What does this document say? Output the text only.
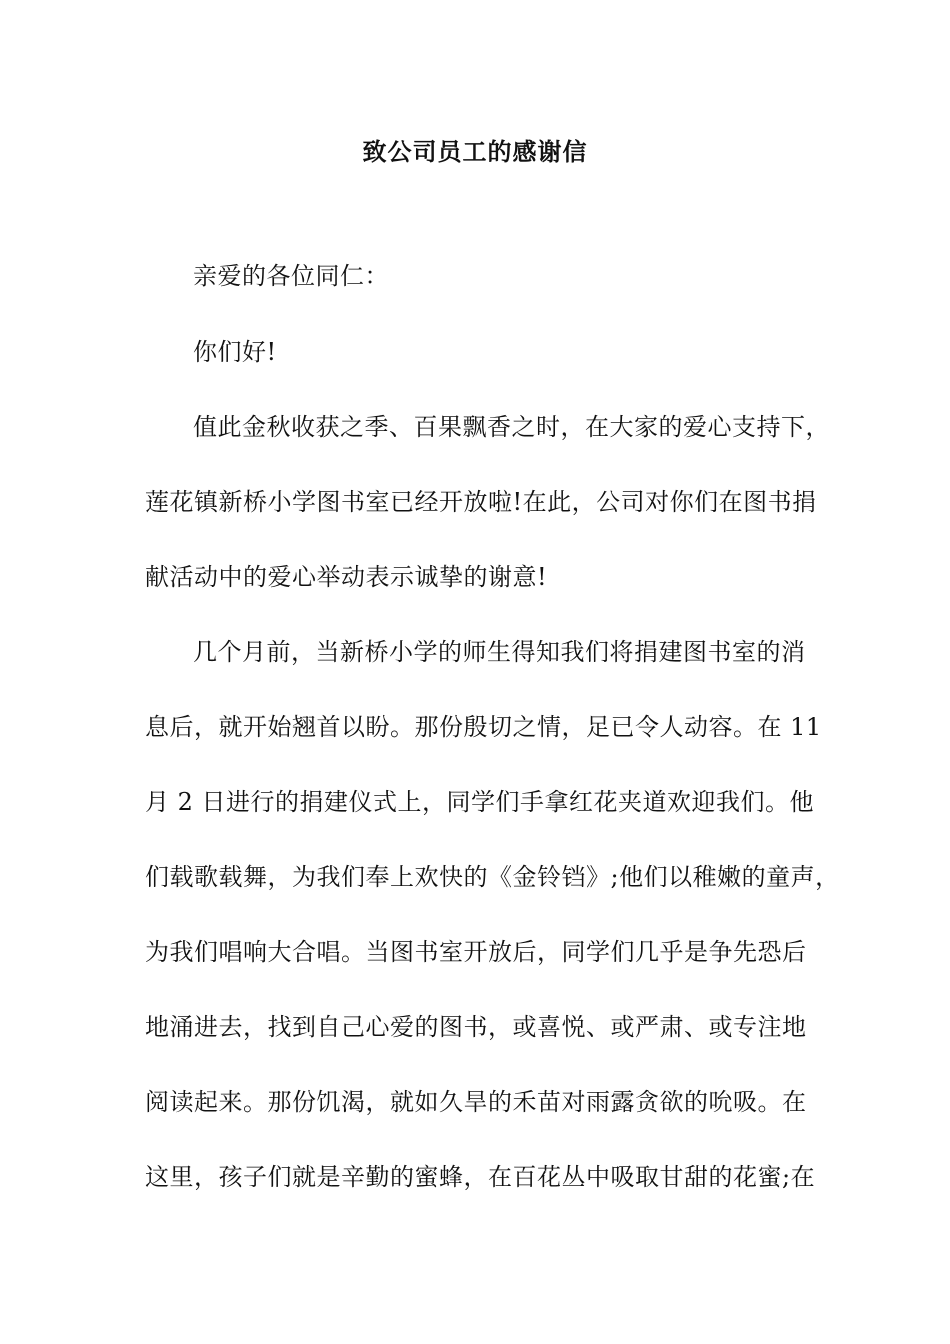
致公司员工的感谢信
亲爱的各位同仁：
你们好!
值此金秋收获之季、百果飘香之时，在大家的爱心支持下，
莲花镇新桥小学图书室已经开放啦!在此，公司对你们在图书捐
献活动中的爱心举动表示诚挚的谢意!
几个月前，当新桥小学的师生得知我们将捐建图书室的消
息后，就开始翘首以盼。那份殷切之情，足已令人动容。在 11
月 2 日进行的捐建仪式上，同学们手拿红花夹道欢迎我们。他
们载歌载舞，为我们奉上欢快的《金铃铛》;他们以稚嫩的童声，
为我们唱响大合唱。当图书室开放后，同学们几乎是争先恐后
地涌进去，找到自己心爱的图书，或喜悦、或严肃、或专注地
阅读起来。那份饥渴，就如久旱的禾苗对雨露贪欲的吮吸。在
这里，孩子们就是辛勤的蜜蜂，在百花丛中吸取甘甜的花蜜;在
